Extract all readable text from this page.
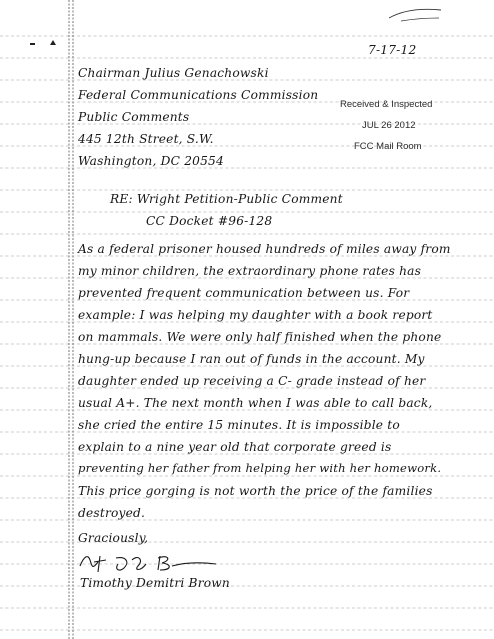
7-17-12
Chairman Julius Genachowski
Federal Communications Commission
Public Comments
445 12th Street, S.W.
Washington, DC 20554
Received & Inspected
JUL 26 2012
FCC Mail Room
RE: Wright Petition-Public Comment
CC Docket #96-128
As a federal prisoner housed hundreds of miles away from
my minor children, the extraordinary phone rates has
prevented frequent communication between us. For
example: I was helping my daughter with a book report
on mammals. We were only half finished when the phone
hung-up because I ran out of funds in the account. My
daughter ended up receiving a C- grade instead of her
usual A+. The next month when I was able to call back,
she cried the entire 15 minutes. It is impossible to
explain to a nine year old that corporate greed is
preventing her father from helping her with her homework.
This price gorging is not worth the price of the families
destroyed.
Graciously,
Timothy Demitri Brown
